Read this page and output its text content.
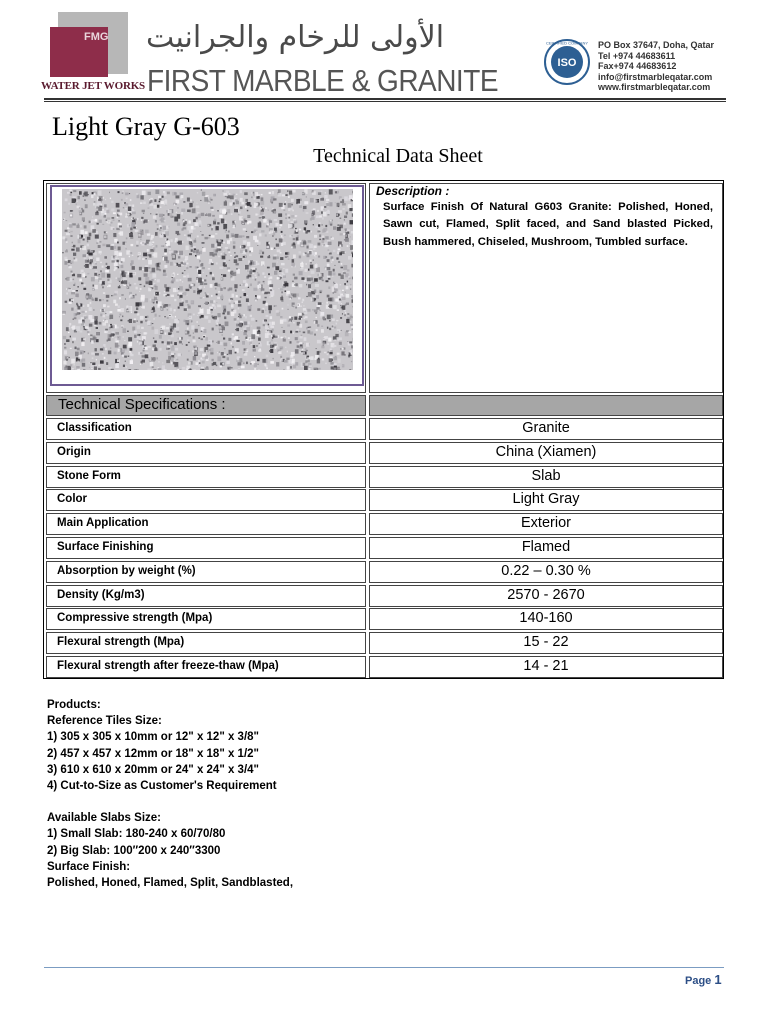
FMG
WATER JET WORKS
الأولى للرخام والجرانيت
FIRST MARBLE & GRANITE
CERTIFIED COMPANY
ISO
PO Box 37647, Doha, Qatar
Tel +974 44683611
Fax+974 44683612
info@firstmarbleqatar.com
www.firstmarbleqatar.com
Light Gray G-603
Technical Data Sheet
Description :
Surface Finish Of Natural G603 Granite: Polished, Honed, Sawn cut, Flamed, Split faced, and Sand blasted Picked, Bush hammered, Chiseled, Mushroom, Tumbled surface.
Technical Specifications :
Classification	Granite
Origin	China (Xiamen)
Stone Form	Slab
Color	Light Gray
Main Application	Exterior
Surface Finishing	Flamed
Absorption by weight (%)	0.22 – 0.30 %
Density (Kg/m3)	2570 - 2670
Compressive strength (Mpa)	140-160
Flexural strength (Mpa)	15 - 22
Flexural strength after freeze-thaw (Mpa)	14 - 21
Products:
Reference Tiles Size:
1) 305 x 305 x 10mm or 12" x 12" x 3/8"
2) 457 x 457 x 12mm or 18" x 18" x 1/2"
3) 610 x 610 x 20mm or 24" x 24" x 3/4"
4) Cut-to-Size as Customer's Requirement
Available Slabs Size:
1) Small Slab: 180-240 x 60/70/80
2) Big Slab: 100″200 x 240″3300
Surface Finish:
Polished, Honed, Flamed, Split, Sandblasted,
Page 1
